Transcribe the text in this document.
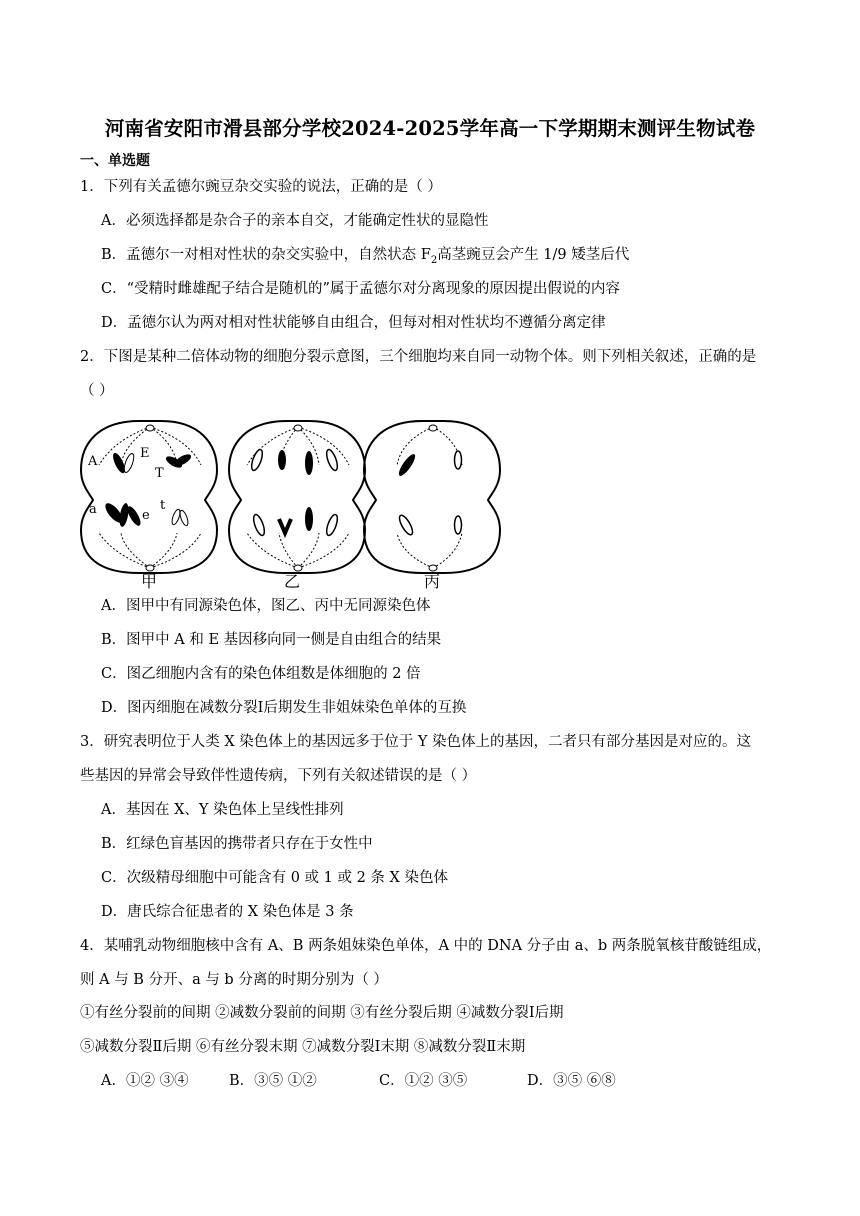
河南省安阳市滑县部分学校2024-2025学年高一下学期期末测评生物试卷
一、单选题
1．下列有关孟德尔豌豆杂交实验的说法，正确的是（ ）
A．必须选择都是杂合子的亲本自交，才能确定性状的显隐性
B．孟德尔一对相对性状的杂交实验中，自然状态 $F_2$高茎豌豆会产生 1/9 矮茎后代
C．“受精时雌雄配子结合是随机的”属于孟德尔对分离现象的原因提出假说的内容
D．孟德尔认为两对相对性状能够自由组合，但每对相对性状均不遵循分离定律
2．下图是某种二倍体动物的细胞分裂示意图，三个细胞均来自同一动物个体。则下列相关叙述，正确的是
（ ）
A
E
T
a	e
t
甲	乙	丙
A．图甲中有同源染色体，图乙、丙中无同源染色体
B．图甲中 A 和 E 基因移向同一侧是自由组合的结果
C．图乙细胞内含有的染色体组数是体细胞的 2 倍
D．图丙细胞在减数分裂Ⅰ后期发生非姐妹染色单体的互换
3．研究表明位于人类 X 染色体上的基因远多于位于 Y 染色体上的基因，二者只有部分基因是对应的。这
些基因的异常会导致伴性遗传病，下列有关叙述错误的是（ ）
A．基因在 X、Y 染色体上呈线性排列
B．红绿色盲基因的携带者只存在于女性中
C．次级精母细胞中可能含有 0 或 1 或 2 条 X 染色体
D．唐氏综合征患者的 X 染色体是 3 条
4．某哺乳动物细胞核中含有 A、B 两条姐妹染色单体，A 中的 DNA 分子由 a、b 两条脱氧核苷酸链组成，
则 A 与 B 分开、a 与 b 分离的时期分别为（ ）
①有丝分裂前的间期 ②减数分裂前的间期 ③有丝分裂后期 ④减数分裂Ⅰ后期
⑤减数分裂Ⅱ后期 ⑥有丝分裂末期 ⑦减数分裂Ⅰ末期 ⑧减数分裂Ⅱ末期
A．①② ③④	B．③⑤ ①②	C．①② ③⑤	D．③⑤ ⑥⑧
